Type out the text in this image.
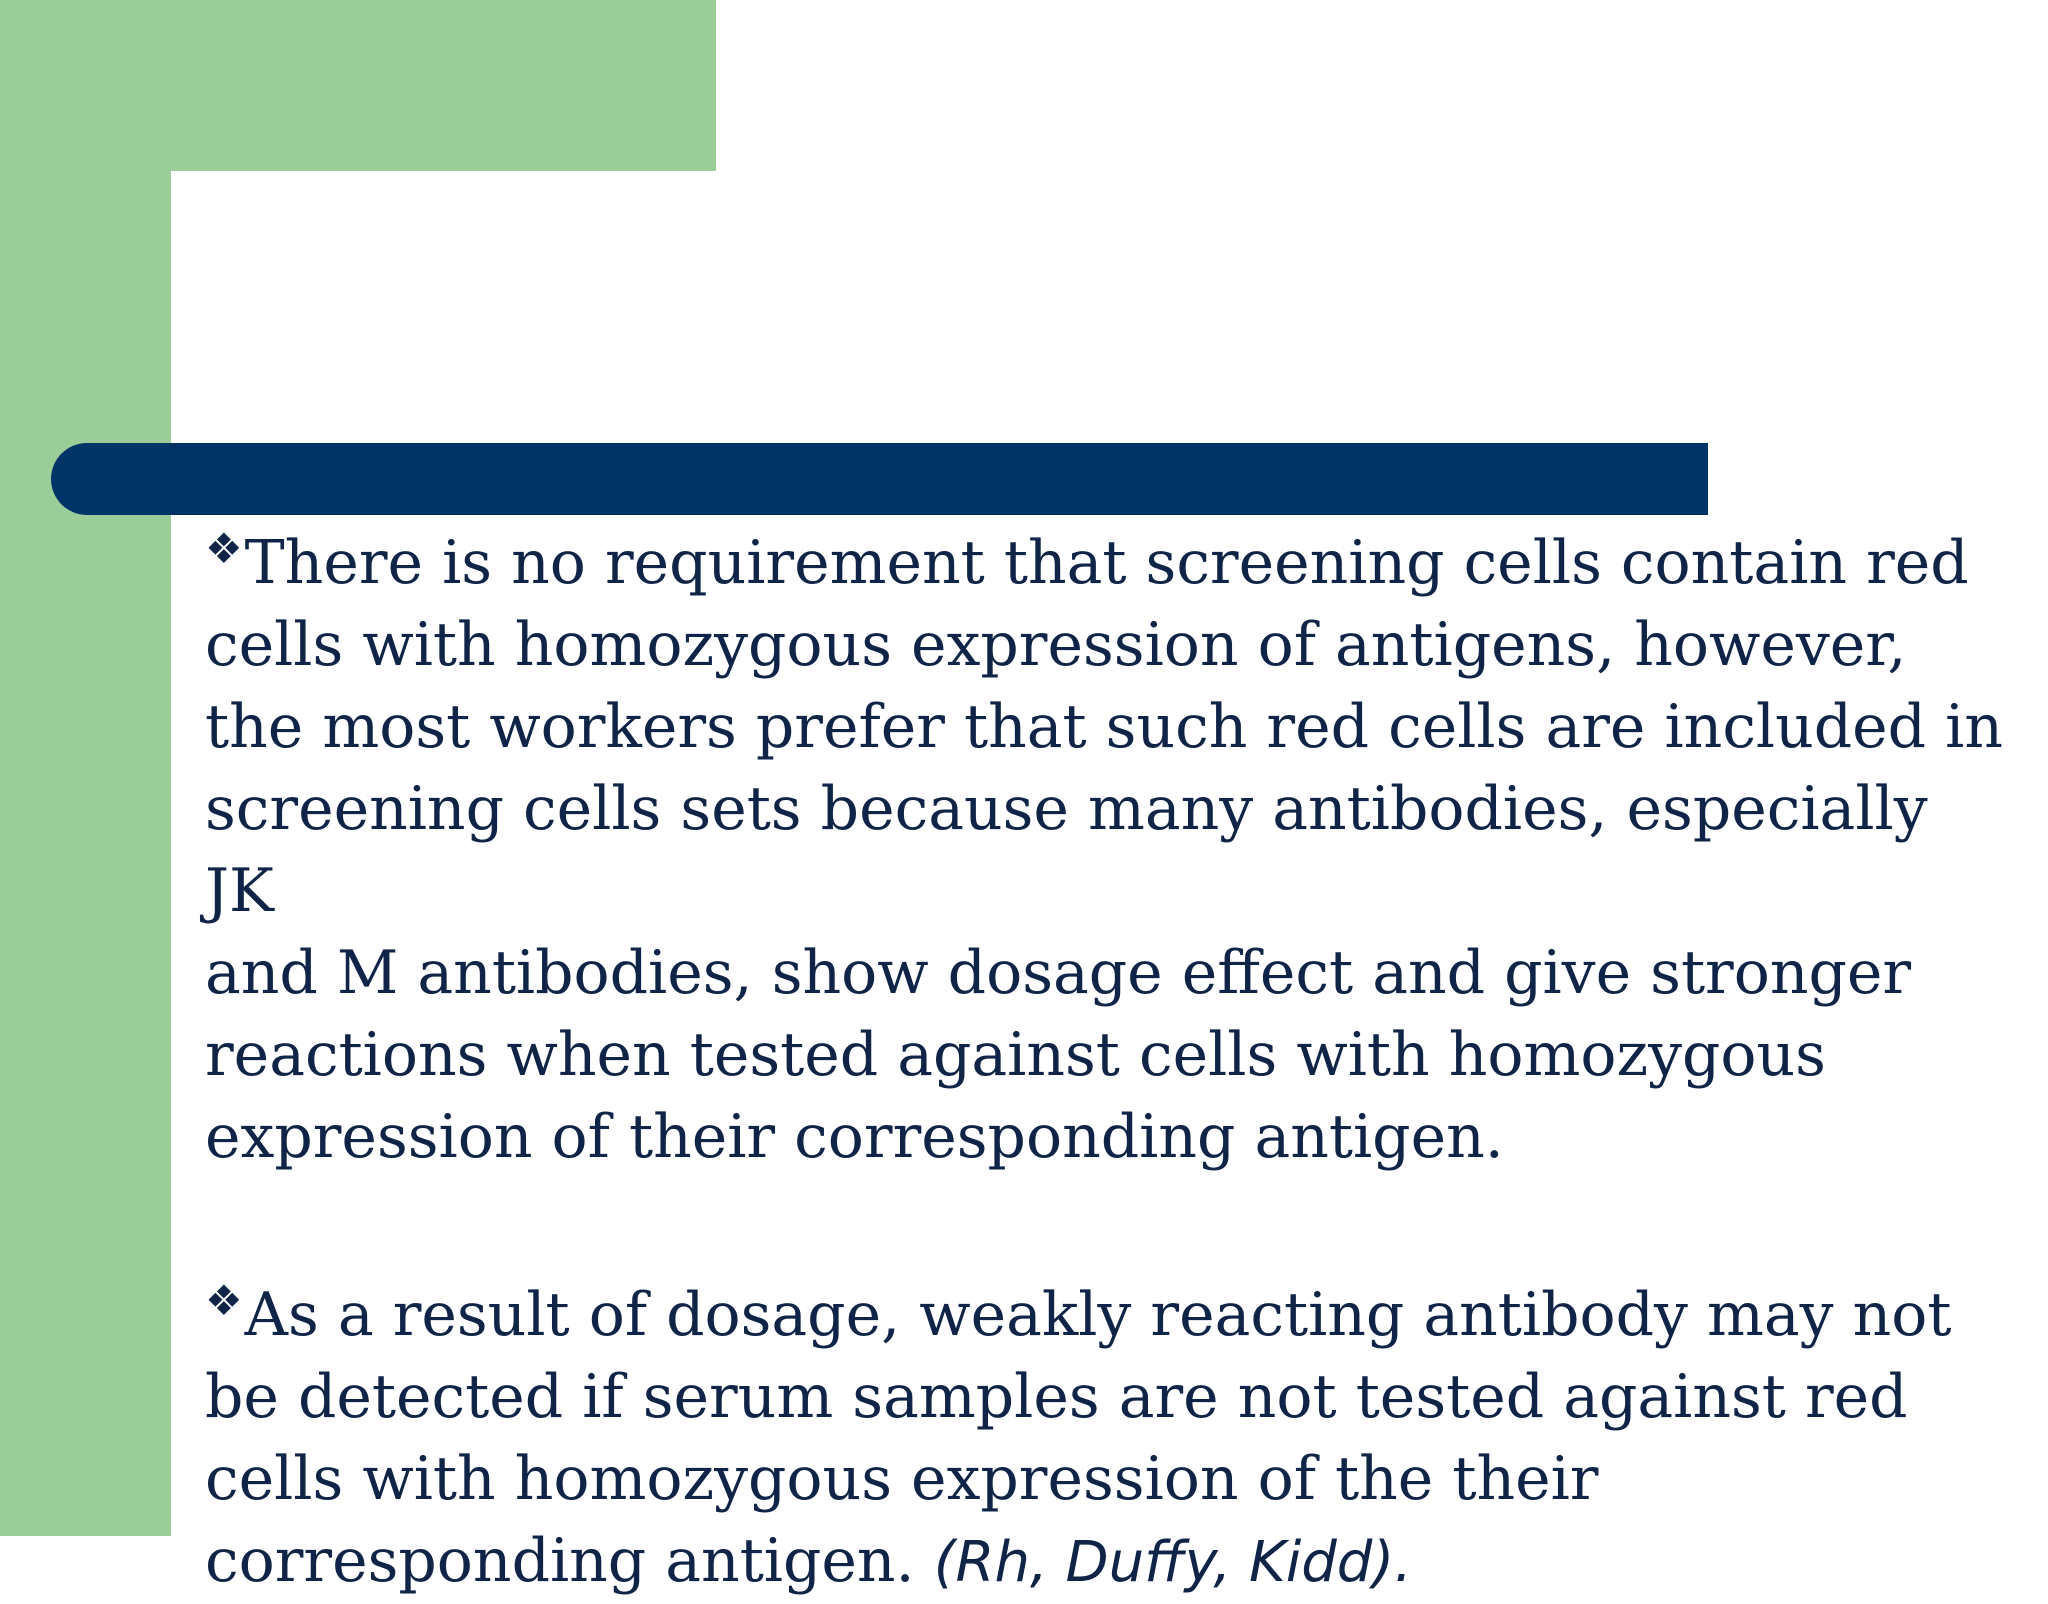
❖There is no requirement that screening cells contain red
cells with homozygous expression of antigens, however,
the most workers prefer that such red cells are included in
screening cells sets because many antibodies, especially JK
and M antibodies, show dosage effect and give stronger
reactions when tested against cells with homozygous
expression of their corresponding antigen.

❖As a result of dosage, weakly reacting antibody may not
be detected if serum samples are not tested against red
cells with homozygous expression of the their
corresponding antigen. (Rh, Duffy, Kidd).
